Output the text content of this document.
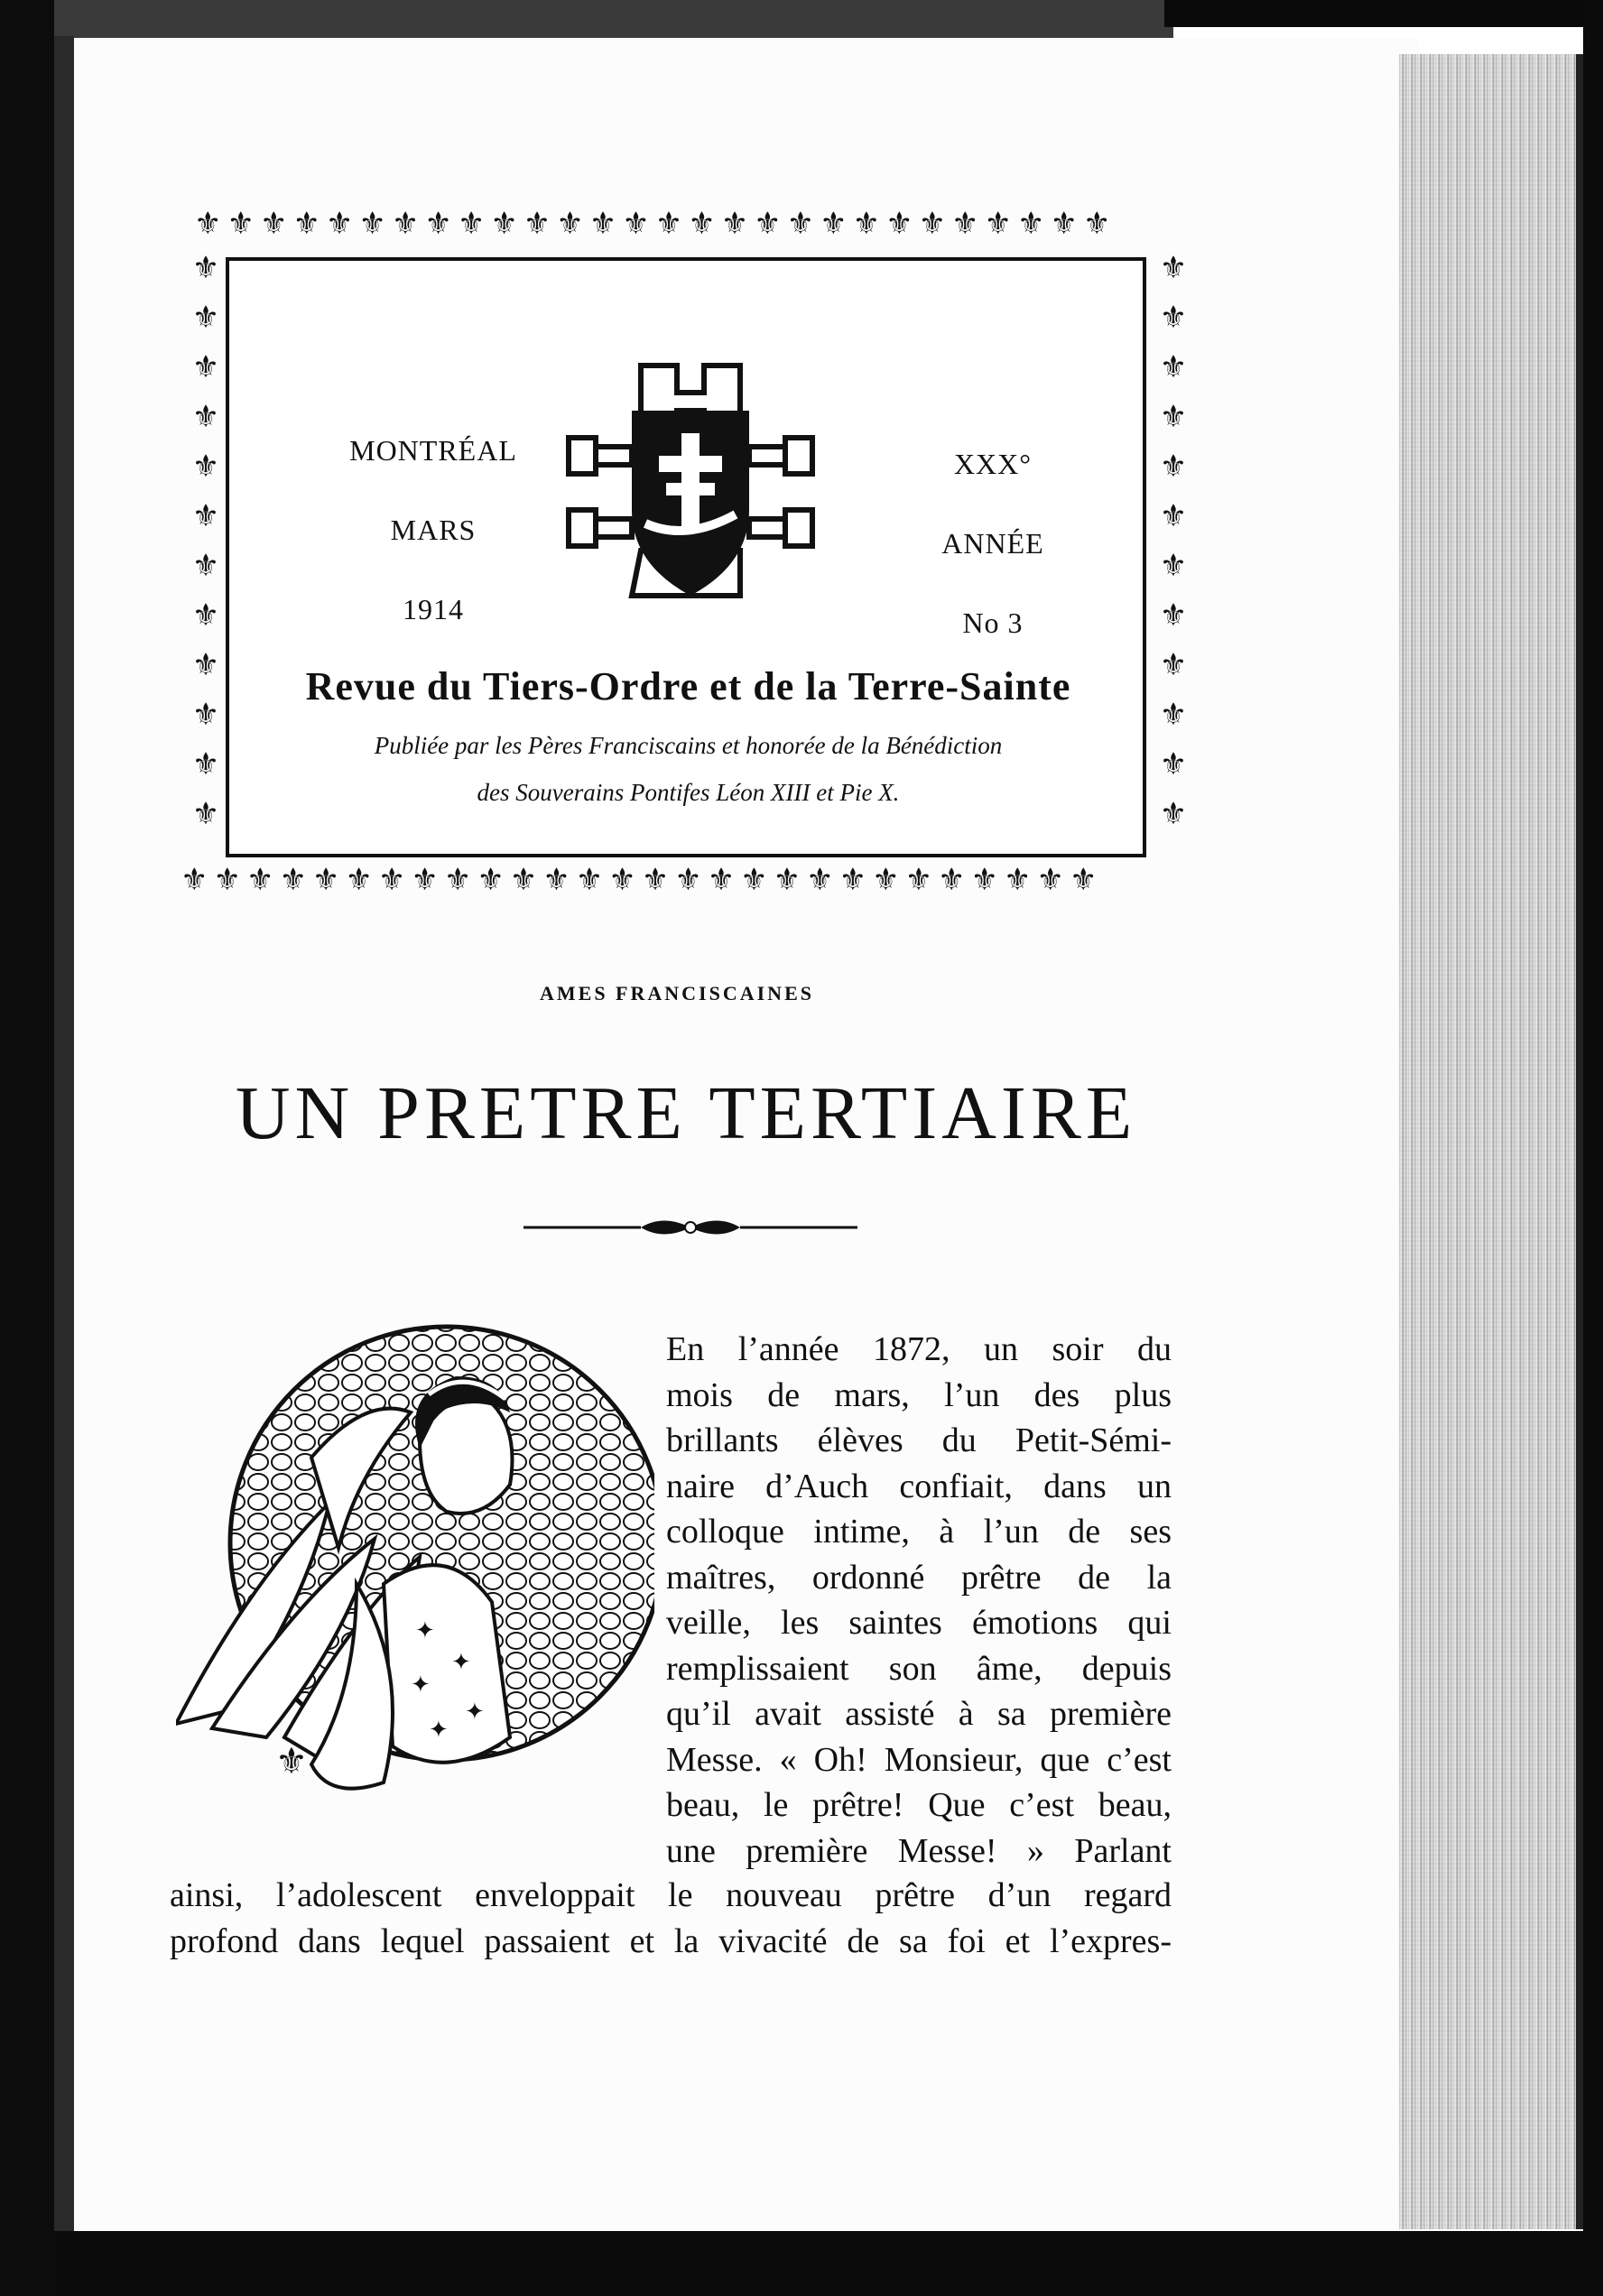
⚜⚜⚜⚜⚜⚜⚜⚜⚜⚜⚜⚜⚜⚜⚜⚜⚜⚜⚜⚜⚜⚜⚜⚜⚜⚜⚜⚜
⚜⚜⚜⚜⚜⚜⚜⚜⚜⚜⚜⚜⚜⚜⚜⚜⚜⚜⚜⚜⚜⚜⚜⚜⚜⚜⚜⚜
⚜
⚜
⚜
⚜
⚜
⚜
⚜
⚜
⚜
⚜
⚜
⚜
⚜
⚜
⚜
⚜
⚜
⚜
⚜
⚜
⚜
⚜
⚜
⚜
MONTRÉAL
MARS
1914
XXX°
ANNÉE
No 3
Revue du Tiers-Ordre et de la Terre-Sainte
Publiée par les Pères Franciscains et honorée de la Bénédiction
des Souverains Pontifes Léon XIII et Pie X.
AMES FRANCISCAINES
UN PRETRE TERTIAIRE
✦
✦
✦
✦
✦
⚜
En l’année 1872, un soir du
mois de mars, l’un des plus
brillants élèves du Petit-Sémi-
naire d’Auch confiait, dans un
colloque intime, à l’un de ses
maîtres, ordonné prêtre de la
veille, les saintes émotions qui
remplissaient son âme, depuis
qu’il avait assisté à sa première
Messe. « Oh! Monsieur, que c’est
beau, le prêtre! Que c’est beau,
une première Messe! » Parlant
ainsi, l’adolescent enveloppait le nouveau prêtre d’un regard
profond dans lequel passaient et la vivacité de sa foi et l’expres-
